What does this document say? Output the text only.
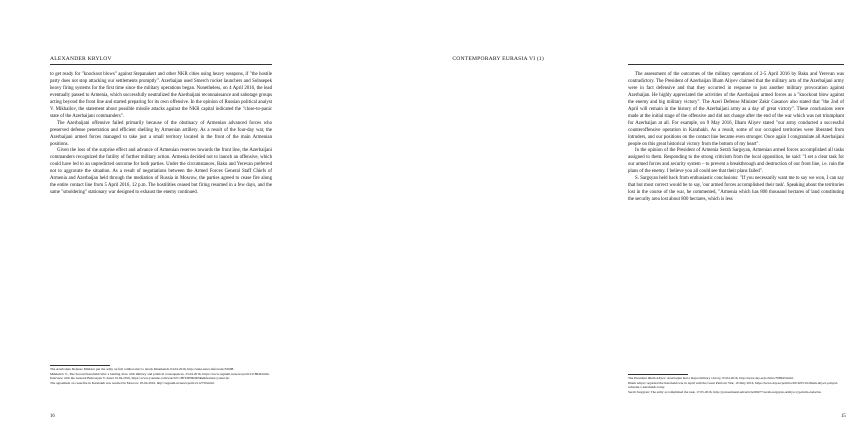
ALEXANDER KRYLOV

to get ready for "knockout blows" against Stepanakert and other NKR cities using heavy weapons, if "the hostile party does not stop attacking our settlements promptly". Azerbaijan used Smerch rocket launchers and Solnsepek heavy firing systems for the first time since the military operations began. Nonetheless, on 4 April 2016, the lead eventually passed to Armenia, which successfully neutralized the Azerbaijani reconnaissance and sabotage groups acting beyond the front line and started preparing for its own offensive. In the opinion of Russian political analyst V. Mikhailov, the statement about possible missile attacks against the NKR capital indicated the "close-to-panic state of the Azerbaijani commanders".

The Azerbaijani offensive failed primarily because of the obstinacy of Armenian advanced forces who preserved defense penetration and efficient shelling by Armenian artillery. As a result of the four-day war, the Azerbaijani armed forces managed to take just a small territory located in the front of the main Armenian positions.

Given the loss of the surprise effect and advance of Armenian reserves towards the front line, the Azerbaijani commanders recognized the futility of further military action. Armenia decided not to launch an offensive, which could have led to an unpredicted outcome for both parties. Under the circumstances, Baku and Yerevan preferred not to aggravate the situation. As a result of negotiations between the Armed Forces General Staff Chiefs of Armenia and Azerbaijan held through the mediation of Russia in Moscow, the parties agreed to cease fire along the entire contact line from 5 April 2016, 12 p.m. The hostilities ceased but firing resumed in a few days, and the same "smoldering" stationary war designed to exhaust the enemy continued.

The Azerbaijan Defense Minister put the army on full combat alert to attack Khankendi, 04.04.2016, http://anna-news.info/node/55698.

Mikhailov V., The Second Karabakh War: a battling draw with military and political consequences, 23.04.2016, https://www.regnum.ru/news/polit/2118840.html.

Interview with the General Bakcasyan V. dated 10.04.2016, https://www.youtube.com/watch?v=HfTdE8KMNkk&feature=youtu.be.

The agreement on ceasefire in Karabakh was reached in Moscow, 05.04.2016, http://regnum.ru/news/polit/2112750.html.

16
CONTEMPORARY EURASIA VI (1)

The assessment of the outcomes of the military operations of 2-5 April 2016 by Baku and Yerevan was contradictory. The President of Azerbaijan Ilham Aliyev claimed that the military acts of the Azerbaijani army were in fact defensive and that they occurred in response to just another military provocation against Azerbaijan. He highly appreciated the activities of the Azerbaijani armed forces as a "knockout blow against the enemy and big military victory". The Azeri Defense Minister Zakir Gasanov also stated that "the 2nd of April will remain in the history of the Azerbaijani army as a day of great victory". These conclusions were made at the initial stage of the offensive and did not change after the end of the war which was not triumphant for Azerbaijan at all. For example, on 9 May 2016, Ilham Aliyev stated "our army conducted a successful counteroffensive operation in Karabakh. As a result, some of our occupied territories were liberated from intruders, and our positions on the contact line became even stronger. Once again I congratulate all Azerbaijani people on this great historical victory from the bottom of my heart".

In the opinion of the President of Armenia Serzh Sargsyan, Armenian armed forces accomplished all tasks assigned to them. Responding to the strong criticism from the local opposition, he said: "I set a clear task for our armed forces and security system – to prevent a breakthrough and destruction of our front line, i.e. ruin the plans of the enemy. I believe you all could see that their plans failed".

S. Sargsyan held back from enthusiastic conclusions: "If you necessarily want me to say we won, I can say that but most correct would be to say, 'our armed forces accomplished their task'. Speaking about the territories lost in the course of the war, he commented, "Armenia which has 800 thousand hectares of land constituting the security area lost about 800 hectares, which is less

The President Ilham Aliyev: Azerbaijan had a major military victory, 03.04.2016, http://news.day.az/politics/768945.html.

Ilham Aliyev regarded the Karabakh war in April with the Great Patriotic War, 10 May 2016, https://news.day.az/politics/2016/05/10/ilham-aliyev-prinyal-uchastie-v-karabakh-voiny.

Serzh Sargsyan: The army accomplished the task, 17.05.2016, http://golosarmenii.am/article/69477/serzh-sargsyan-armiya-vypolnila-zadachu.

15
